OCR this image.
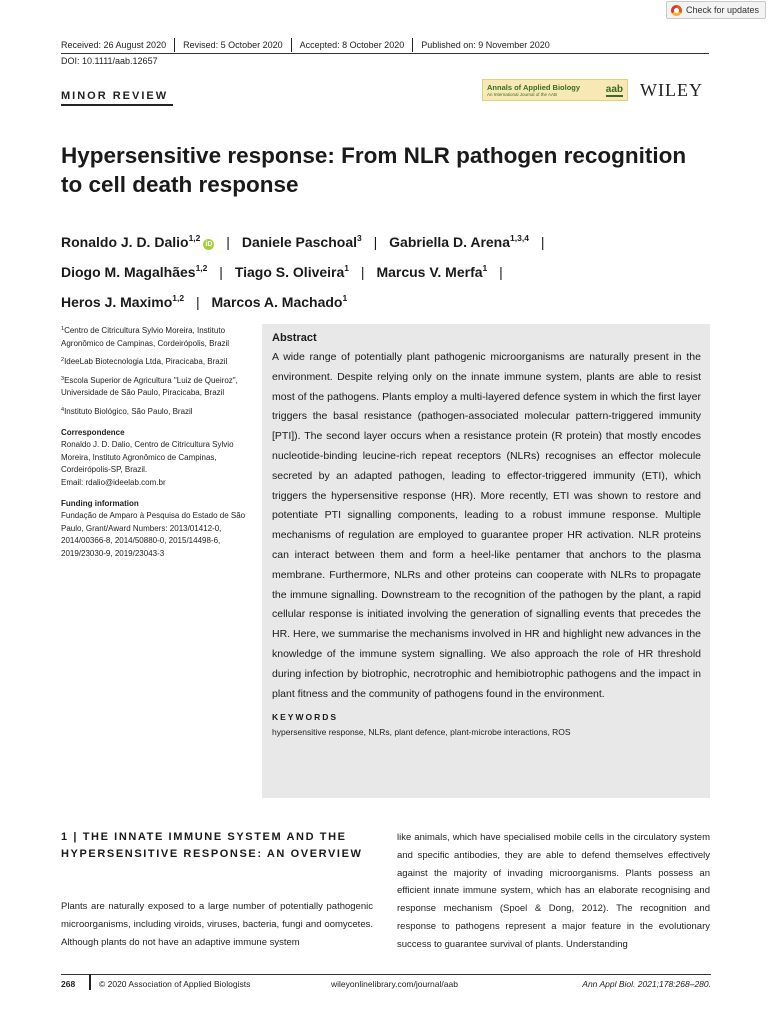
Check for updates
Received: 26 August 2020	Revised: 5 October 2020	Accepted: 8 October 2020	Published on: 9 November 2020
DOI: 10.1111/aab.12657
MINOR REVIEW
Annals of Applied Biology
An International Journal of the AAB	aab WILEY
Hypersensitive response: From NLR pathogen recognition to cell death response
Ronaldo J. D. Dalio$^{1,2}$iD | Daniele Paschoal$^3$ | Gabriella D. Arena$^{1,3,4}$ |
Diogo M. Magalhães$^{1,2}$ | Tiago S. Oliveira$^1$ | Marcus V. Merfa$^1$ |
Heros J. Maximo$^{1,2}$ | Marcos A. Machado$^1$
$^1$Centro de Citricultura Sylvio Moreira, Instituto Agronômico de Campinas, Cordeirópolis, Brazil
$^2$IdeeLab Biotecnologia Ltda, Piracicaba, Brazil
$^3$Escola Superior de Agricultura "Luiz de Queiroz", Universidade de São Paulo, Piracicaba, Brazil
$^4$Instituto Biológico, São Paulo, Brazil
Correspondence
Ronaldo J. D. Dalio, Centro de Citricultura Sylvio Moreira, Instituto Agronômico de Campinas, Cordeirópolis-SP, Brazil.
Email: rdalio@ideelab.com.br
Funding information
Fundação de Amparo à Pesquisa do Estado de São Paulo, Grant/Award Numbers: 2013/01412-0, 2014/00366-8, 2014/50880-0, 2015/14498-6, 2019/23030-9, 2019/23043-3
Abstract

A wide range of potentially plant pathogenic microorganisms are naturally present in the environment. Despite relying only on the innate immune system, plants are able to resist most of the pathogens. Plants employ a multi-layered defence system in which the first layer triggers the basal resistance (pathogen-associated molecular pattern-triggered immunity [PTI]). The second layer occurs when a resistance protein (R protein) that mostly encodes nucleotide-binding leucine-rich repeat receptors (NLRs) recognises an effector molecule secreted by an adapted pathogen, leading to effector-triggered immunity (ETI), which triggers the hypersensitive response (HR). More recently, ETI was shown to restore and potentiate PTI signalling components, leading to a robust immune response. Multiple mechanisms of regulation are employed to guarantee proper HR activation. NLR proteins can interact between them and form a heel-like pentamer that anchors to the plasma membrane. Furthermore, NLRs and other proteins can cooperate with NLRs to propagate the immune signalling. Downstream to the recognition of the pathogen by the plant, a rapid cellular response is initiated involving the generation of signalling events that precedes the HR. Here, we summarise the mechanisms involved in HR and highlight new advances in the knowledge of the immune system signalling. We also approach the role of HR threshold during infection by biotrophic, necrotrophic and hemibiotrophic pathogens and the impact in plant fitness and the community of pathogens found in the environment.

KEYWORDS
hypersensitive response, NLRs, plant defence, plant-microbe interactions, ROS
1 | THE INNATE IMMUNE SYSTEM AND THE HYPERSENSITIVE RESPONSE: AN OVERVIEW

Plants are naturally exposed to a large number of potentially pathogenic microorganisms, including viroids, viruses, bacteria, fungi and oomycetes. Although plants do not have an adaptive immune system

like animals, which have specialised mobile cells in the circulatory system and specific antibodies, they are able to defend themselves effectively against the majority of invading microorganisms. Plants possess an efficient innate immune system, which has an elaborate recognising and response mechanism (Spoel & Dong, 2012). The recognition and response to pathogens represent a major feature in the evolutionary success to guarantee survival of plants. Understanding

268	© 2020 Association of Applied Biologists	wileyonlinelibrary.com/journal/aab	Ann Appl Biol. 2021;178:268–280.
